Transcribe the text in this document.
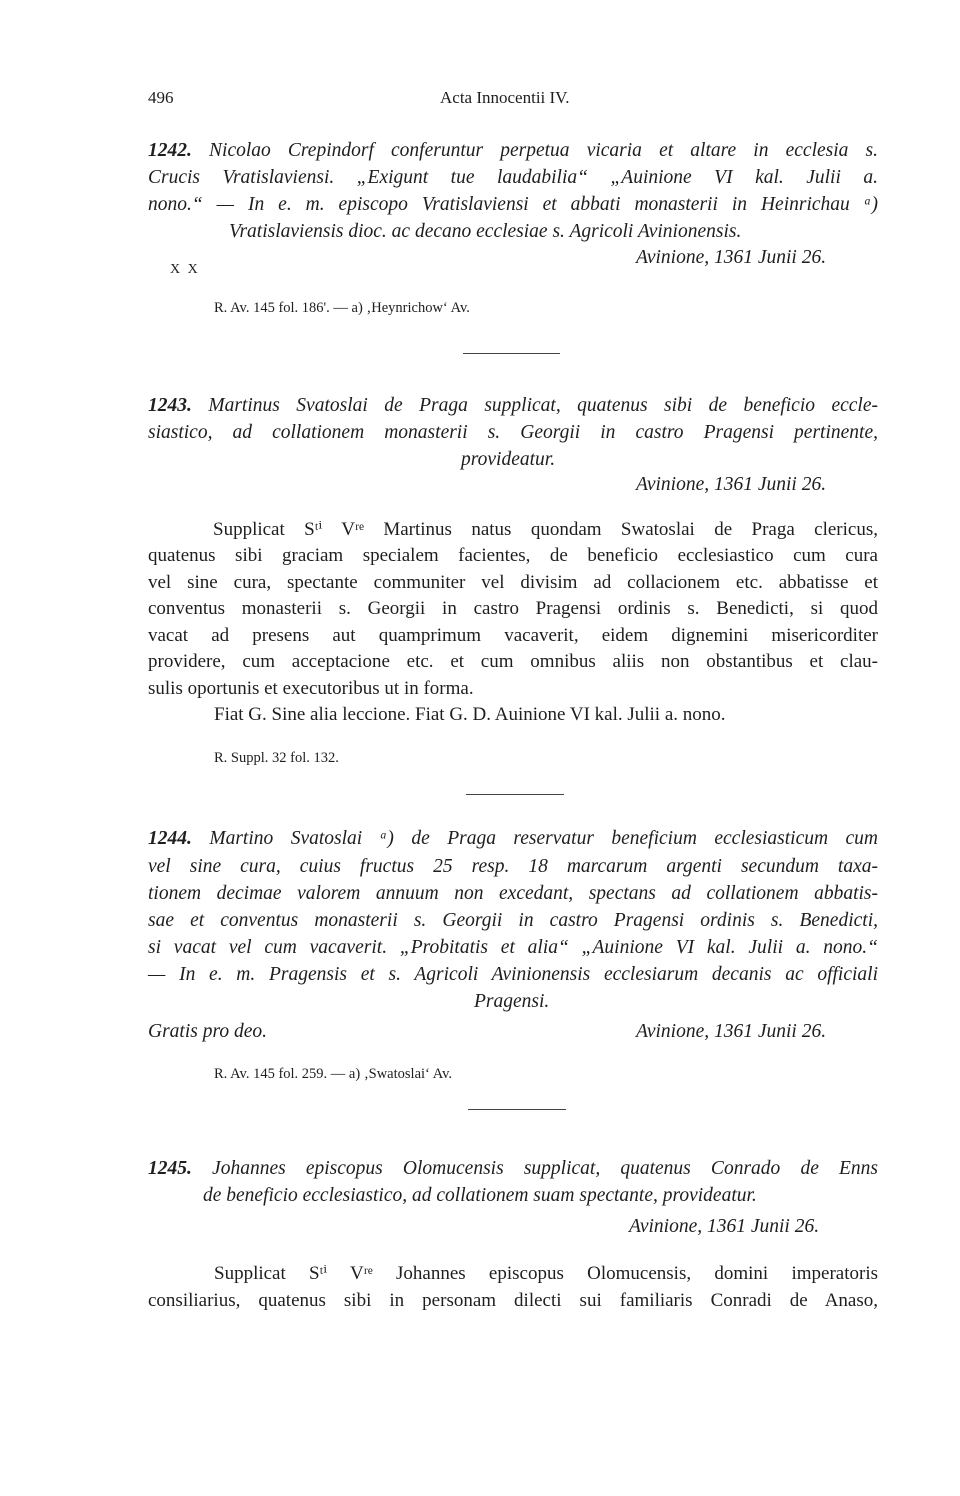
496	Acta Innocentii IV.
1242. Nicolao Crepindorf conferuntur perpetua vicaria et altare in ecclesia s.
Crucis Vratislaviensi. „Exigunt tue laudabilia“ „Auinione VI kal. Julii a.
nono.“ — In e. m. episcopo Vratislaviensi et abbati monasterii in Heinrichau ᵃ)
Vratislaviensis dioc. ac decano ecclesiae s. Agricoli Avinionensis.
X X
Avinione, 1361 Junii 26.
R. Av. 145 fol. 186'. — a) ‚Heynrichow‘ Av.
1243. Martinus Svatoslai de Praga supplicat, quatenus sibi de beneficio eccle-
siastico, ad collationem monasterii s. Georgii in castro Pragensi pertinente,
provideatur.
Avinione, 1361 Junii 26.
Supplicat Sᵗⁱ Vʳᵉ Martinus natus quondam Swatoslai de Praga clericus,
quatenus sibi graciam specialem facientes, de beneficio ecclesiastico cum cura
vel sine cura, spectante communiter vel divisim ad collacionem etc. abbatisse et
conventus monasterii s. Georgii in castro Pragensi ordinis s. Benedicti, si quod
vacat ad presens aut quamprimum vacaverit, eidem dignemini misericorditer
providere, cum acceptacione etc. et cum omnibus aliis non obstantibus et clau-
sulis oportunis et executoribus ut in forma.
Fiat G. Sine alia leccione. Fiat G. D. Auinione VI kal. Julii a. nono.
R. Suppl. 32 fol. 132.
1244. Martino Svatoslai ᵃ) de Praga reservatur beneficium ecclesiasticum cum
vel sine cura, cuius fructus 25 resp. 18 marcarum argenti secundum taxa-
tionem decimae valorem annuum non excedant, spectans ad collationem abbatis-
sae et conventus monasterii s. Georgii in castro Pragensi ordinis s. Benedicti,
si vacat vel cum vacaverit. „Probitatis et alia“ „Auinione VI kal. Julii a. nono.“
— In e. m. Pragensis et s. Agricoli Avinionensis ecclesiarum decanis ac officiali
Pragensi.
Gratis pro deo.	Avinione, 1361 Junii 26.
R. Av. 145 fol. 259. — a) ‚Swatoslai‘ Av.
1245. Johannes episcopus Olomucensis supplicat, quatenus Conrado de Enns
de beneficio ecclesiastico, ad collationem suam spectante, provideatur.
Avinione, 1361 Junii 26.
Supplicat Sᵗⁱ Vʳᵉ Johannes episcopus Olomucensis, domini imperatoris
consiliarius, quatenus sibi in personam dilecti sui familiaris Conradi de Anaso,
